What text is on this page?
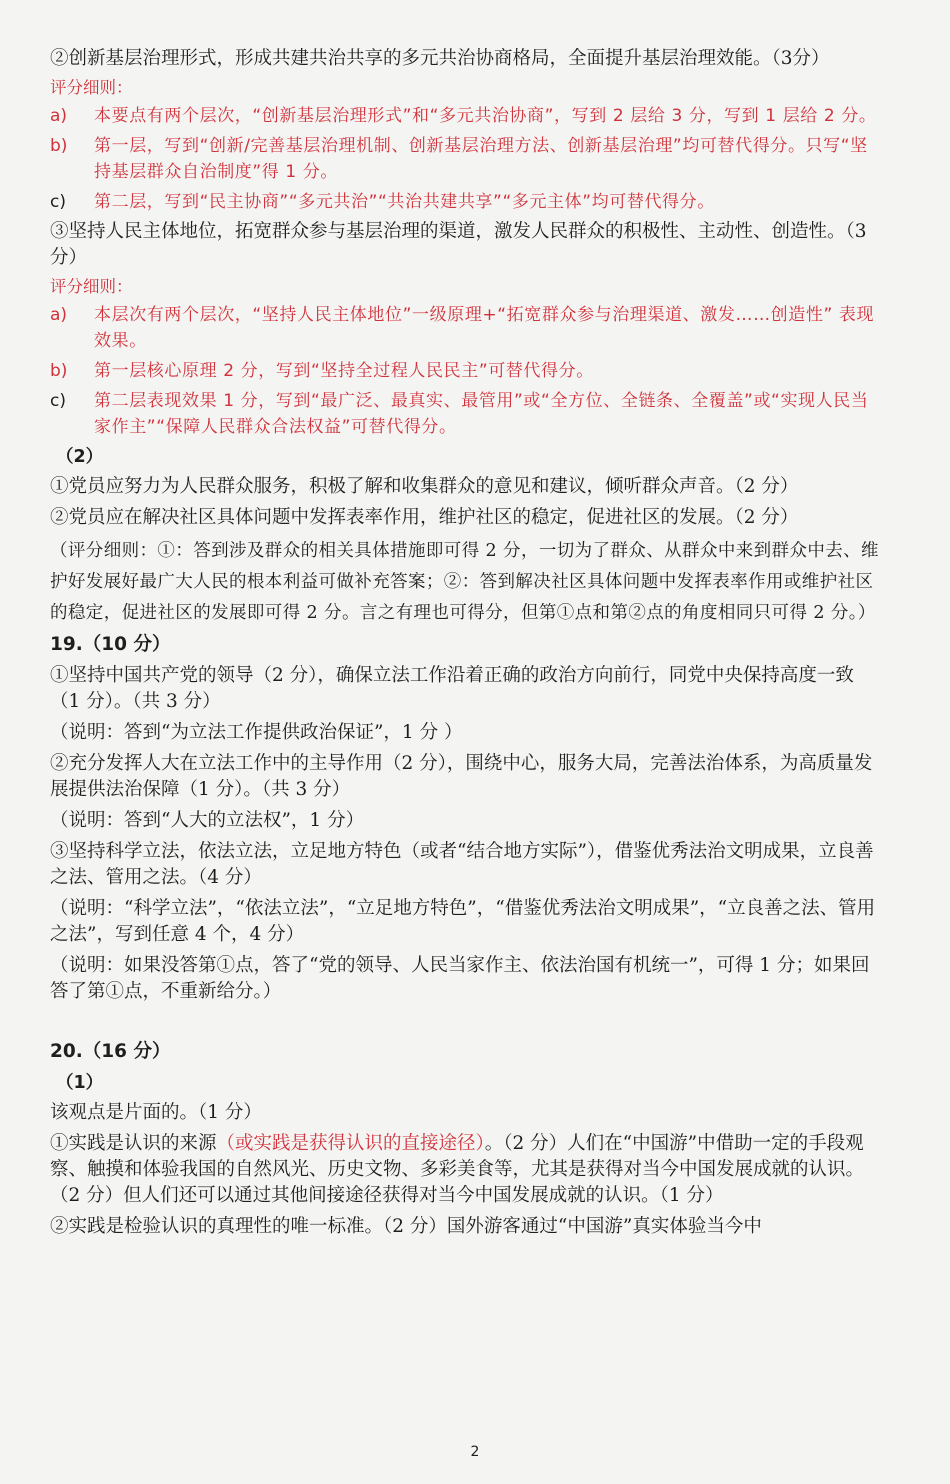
②创新基层治理形式，形成共建共治共享的多元共治协商格局，全面提升基层治理效能。（3分）

评分细则：
a)	本要点有两个层次，“创新基层治理形式”和“多元共治协商”，写到 2 层给 3 分，写到 1 层给 2 分。
b)	第一层，写到“创新/完善基层治理机制、创新基层治理方法、创新基层治理”均可替代得分。只写“坚持基层群众自治制度”得 1 分。
c)	第二层，写到“民主协商”“多元共治”“共治共建共享”“多元主体”均可替代得分。

③坚持人民主体地位，拓宽群众参与基层治理的渠道，激发人民群众的积极性、主动性、创造性。（3 分）

评分细则：
a)	本层次有两个层次，“坚持人民主体地位”一级原理+“拓宽群众参与治理渠道、激发……创造性” 表现效果。
b)	第一层核心原理 2 分，写到“坚持全过程人民民主”可替代得分。
c)	第二层表现效果 1 分，写到“最广泛、最真实、最管用”或“全方位、全链条、全覆盖”或“实现人民当家作主”“保障人民群众合法权益”可替代得分。
（2）

①党员应努力为人民群众服务，积极了解和收集群众的意见和建议，倾听群众声音。（2 分）

②党员应在解决社区具体问题中发挥表率作用，维护社区的稳定，促进社区的发展。（2 分）

（评分细则：①：答到涉及群众的相关具体措施即可得 2 分，一切为了群众、从群众中来到群众中去、维护好发展好最广大人民的根本利益可做补充答案；②：答到解决社区具体问题中发挥表率作用或维护社区的稳定，促进社区的发展即可得 2 分。言之有理也可得分，但第①点和第②点的角度相同只可得 2 分。）

19.（10 分）

①坚持中国共产党的领导（2 分），确保立法工作沿着正确的政治方向前行，同党中央保持高度一致（1 分）。（共 3 分）

（说明：答到“为立法工作提供政治保证”，1 分 ）

②充分发挥人大在立法工作中的主导作用（2 分），围绕中心，服务大局，完善法治体系，为高质量发展提供法治保障（1 分）。（共 3 分）

（说明：答到“人大的立法权”，1 分）

③坚持科学立法，依法立法，立足地方特色（或者“结合地方实际”），借鉴优秀法治文明成果，立良善之法、管用之法。（4 分）

（说明：“科学立法”，“依法立法”，“立足地方特色”，“借鉴优秀法治文明成果”，“立良善之法、管用之法”，写到任意 4 个，4 分）

（说明：如果没答第①点，答了“党的领导、人民当家作主、依法治国有机统一”，可得 1 分；如果回答了第①点，不重新给分。）

20.（16 分）
（1）

该观点是片面的。（1 分）

①实践是认识的来源（或实践是获得认识的直接途径）。（2 分）人们在“中国游”中借助一定的手段观察、触摸和体验我国的自然风光、历史文物、多彩美食等，尤其是获得对当今中国发展成就的认识。（2 分）但人们还可以通过其他间接途径获得对当今中国发展成就的认识。（1 分）

②实践是检验认识的真理性的唯一标准。（2 分）国外游客通过“中国游”真实体验当今中

2
